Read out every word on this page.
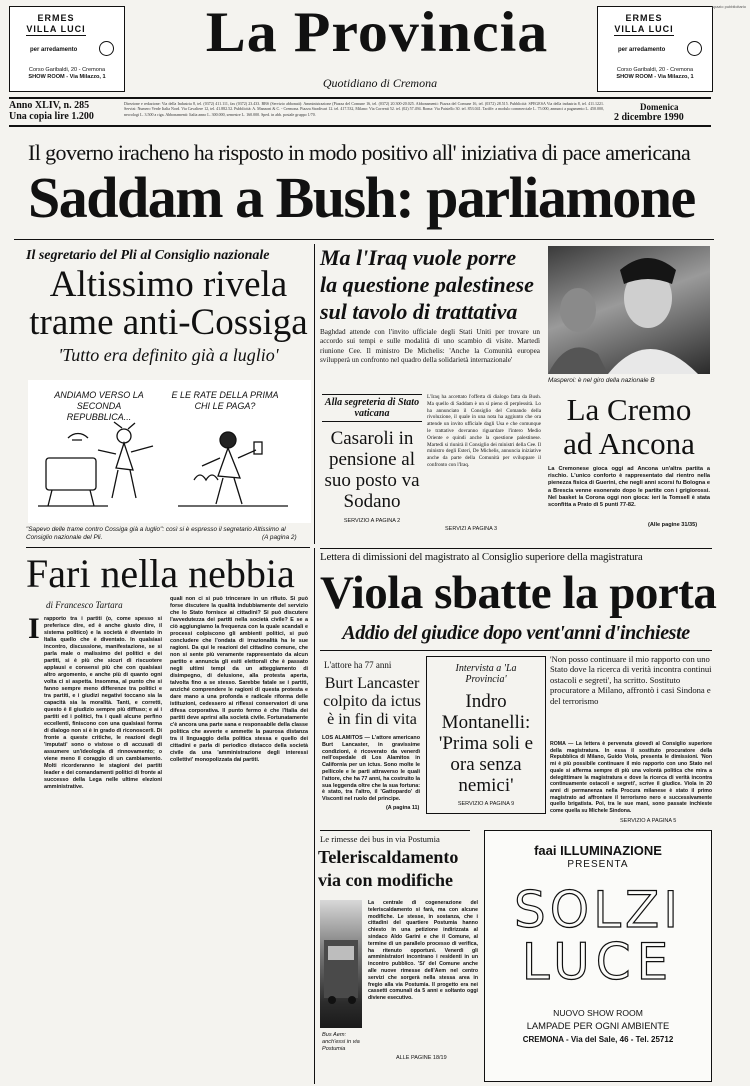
ERMES VILLA LUCI
per arredamento
Corso Garibaldi, 20 - Cremona
SHOW ROOM - Via Milazzo, 1
La Provincia
Quotidiano di Cremona
spazio pubblicitario
ERMES VILLA LUCI
per arredamento
Corso Garibaldi, 20 - Cremona
SHOW ROOM - Via Milazzo, 1
Anno XLIV, n. 285
Una copia lire 1.200
Direzione e redazione: Via della Industria 8, tel. (0372) 411.111, fax (0372) 23.433. BBS (Servizio abbonati): Amministrazione (Piazza del Comune 16, tel. (0372) 20.300-20.025. Abbonamenti: Piazza del Comune 16, tel. (0372) 28.515. Pubblicità: SPEGESA Via della industria 8, tel. 411.1221. Servizi: Numero Verde Italia Nord. Via Cavaliere 12, tel. 41.882.52. Pubblicità: A. Manzoni & C. - Cremona. Piazza Stradivari 12. tel. 417.532, Milano: Via Correnti 52. tel. (02) 57.494. Roma: Via Paisiello 30. tel. 853.041. Tariffe: a modulo commerciale L. 75.000, annunci a pagamento L. 450.000, necrologi L. 3.500 a riga. Abbonamenti: Italia anno L. 300.000, semestre L. 160.000. Sped. in abb. postale gruppo 1/70.
Domenica
2 dicembre 1990
Il governo iracheno ha risposto in modo positivo all' iniziativa di pace americana
Saddam a Bush: parliamone
Il segretario del Pli al Consiglio nazionale
Altissimo rivela
trame anti-Cossiga
'Tutto era definito già a luglio'
ANDIAMO VERSO LA SECONDA REPUBBLICA...
E LE RATE DELLA PRIMA CHI LE PAGA?
"Sapevo delle trame contro Cossiga già a luglio": così si è espresso il segretario Altissimo al Consiglio nazionale del Pli.	(A pagina 2)
Ma l'Iraq vuole porre
la questione palestinese
sul tavolo di trattativa
Baghdad attende con l'invito ufficiale degli Stati Uniti per trovare un accordo sui tempi e sulle modalità di uno scambio di visite. Martedì riunione Cee. Il ministro De Michelis: 'Anche la Comunità europea svilupperà un confronto nel quadro della solidarietà internazionale'
L'Iraq ha accettato l'offerta di dialogo fatta da Bush. Ma quello di Saddam è un sì pieno di perplessità. Lo ha annunciato il Consiglio del Comando della rivoluzione, il quale in una nota ha aggiunto che ora attende un invito ufficiale dagli Usa e che comunque le trattative dovranno riguardare l'intero Medio Oriente e quindi anche la questione palestinese. Martedì si riunirà il Consiglio dei ministri della Cee. Il ministro degli Esteri, De Michelis, annuncia iniziative anche da parte della Comunità per sviluppare il confronto con l'Iraq.
SERVIZI A PAGINA 3
Alla segreteria di Stato vaticana
Casaroli in pensione al suo posto va Sodano
SERVIZIO A PAGINA 2
Masperoi: è nel giro della nazionale B
La Cremo
ad Ancona
La Cremonese gioca oggi ad Ancona un'altra partita a rischio. L'unico conforto è rappresentato dal rientro nella pienezza fisica di Guerini, che negli anni scorsi fu Bologna e a Brescia venne esonerato dopo le partite con i grigiorossi. Nel basket la Corona oggi non gioca: ieri la Tomsell è stata sconfitta a Prato di 5 punti 77-82.
(Alle pagine 31/35)
Fari nella nebbia
di Francesco Tartara
I rapporto tra i partiti (o, come spesso si preferisce dire, ed è anche giusto dire, il sistema politico) e la società è diventato in Italia quello che è diventato. In qualsiasi incontro, discussione, manifestazione, se si parla male o malissimo dei politici e dei partiti, si è più che sicuri di riscuotere applausi e consensi più che con qualsiasi altro argomento, e anche più di quanto ogni volta ci si aspetta. Insomma, al punto che si fanno sempre meno differenze tra politici e tra partiti, e i giudizi negativi toccano sia la capacità sia la moralità. Tanti, e corretti, questo è il giudizio sempre più diffuso; e ai i partiti ed i politici, fra i quali alcune perfino eccellenti, finiscono con una qualsiasi forma di dialogo non si è in grado di riconoscerli. Di fronte a queste critiche, le reazioni degli 'imputati' sono o vistose o di accusati di assumere un'ideologia di rinnovamento; o viene meno il coraggio di un cambiamento. Molti ricorderanno le stagioni dei partiti leader e dei comandamenti politici di fronte al successo della Lega nelle ultime elezioni amministrative.
quali non ci si può trincerare in un rifiuto. Si può forse discutere la qualità indubbiamente del servizio che lo Stato fornisce ai cittadini? Si può discutere l'avvedutezza dei partiti nella società civile? E se a ciò aggiungiamo la frequenza con la quale scandali e processi colpiscono gli ambienti politici, si può concludere che l'ondata di irrazionalità ha le sue ragioni. Da qui le reazioni del cittadino comune, che non si sente più veramente rappresentato da alcun partito e annuncia gli esiti elettorali che è passato negli ultimi tempi da un atteggiamento di disimpegno, di delusione, alla protesta aperta, talvolta fino a se stesso. Sarebbe fatale se i partiti, anziché comprendere le ragioni di questa protesta e dare mano a una profonda e radicale riforma delle istituzioni, cedessero ai riflessi conservatori di una difesa corporativa. Il punto fermo è che l'Italia dei partiti deve aprirsi alla società civile. Fortunatamente c'è ancora una parte sana e responsabile della classe politica che avverte e ammette la paurosa distanza tra il linguaggio della politica stessa e quello dei cittadini e parla di periodico distacco della società civile da una 'amministrazione degli interessi collettivi' monopolizzata dai partiti.
Lettera di dimissioni del magistrato al Consiglio superiore della magistratura
Viola sbatte la porta
Addio del giudice dopo vent'anni d'inchieste
L'attore ha 77 anni
Burt Lancaster colpito da ictus è in fin di vita
LOS ALAMITOS — L'attore americano Burt Lancaster, in gravissime condizioni, è ricoverato da venerdì nell'ospedale di Los Alamitos in California per un ictus. Sono molte le pellicole e le parti attraverso le quali l'attore, che ha 77 anni, ha costruito la sua leggenda oltre che la sua fortuna: è stato, tra l'altro, il 'Gattopardo' di Visconti nel ruolo del principe.
(A pagina 11)
Intervista a 'La Provincia'
Indro Montanelli: 'Prima soli e ora senza nemici'
SERVIZIO A PAGINA 9
'Non posso continuare il mio rapporto con uno Stato dove la ricerca di verità incontra continui ostacoli e segreti', ha scritto. Sostituto procuratore a Milano, affrontò i casi Sindona e del terrorismo
ROMA — La lettera è pervenuta giovedì al Consiglio superiore della magistratura. In essa il sostituto procuratore della Repubblica di Milano, Guido Viola, presenta le dimissioni. 'Non mi è più possibile continuare il mio rapporto con uno Stato nel quale si afferma sempre di più una volontà politica che mira a delegittimare la magistratura e dove la ricerca di verità incontra continuamente ostacoli e segreti', scrive il giudice. Viola in 20 anni di permanenza nella Procura milanese è stato il primo magistrato ad affrontare il terrorismo nero e successivamente quello brigatista. Poi, tra le sue mani, sono passate inchieste come quella su Michele Sindona.
SERVIZIO A PAGINA 5
Le rimesse dei bus in via Postumia
Teleriscaldamento
via con modifiche
Bus Aem: anch'essi in via Postumia
La centrale di cogenerazione del teleriscaldamento si farà, ma con alcune modifiche. Le stesse, in sostanza, che i cittadini del quartiere Postumia hanno chiesto in una petizione indirizzata al sindaco Aldo Garini e che il Comune, al termine di un parallelo processo di verifica, ha ritenuto opportuni. Venerdì gli amministratori incontrano i residenti in un incontro pubblico. 'Si' del Comune anche alle nuove rimesse dell'Aem nel centro servizi che sorgerà nella stessa area in fregio alla via Postumia. Il progetto era nei cassetti comunali da 5 anni e soltanto oggi diviene esecutivo.
ALLE PAGINE 18/19
faai ILLUMINAZIONE
PRESENTA
SOLZI
LUCE
NUOVO SHOW ROOM
LAMPADE PER OGNI AMBIENTE
CREMONA - Via del Sale, 46 - Tel. 25712
